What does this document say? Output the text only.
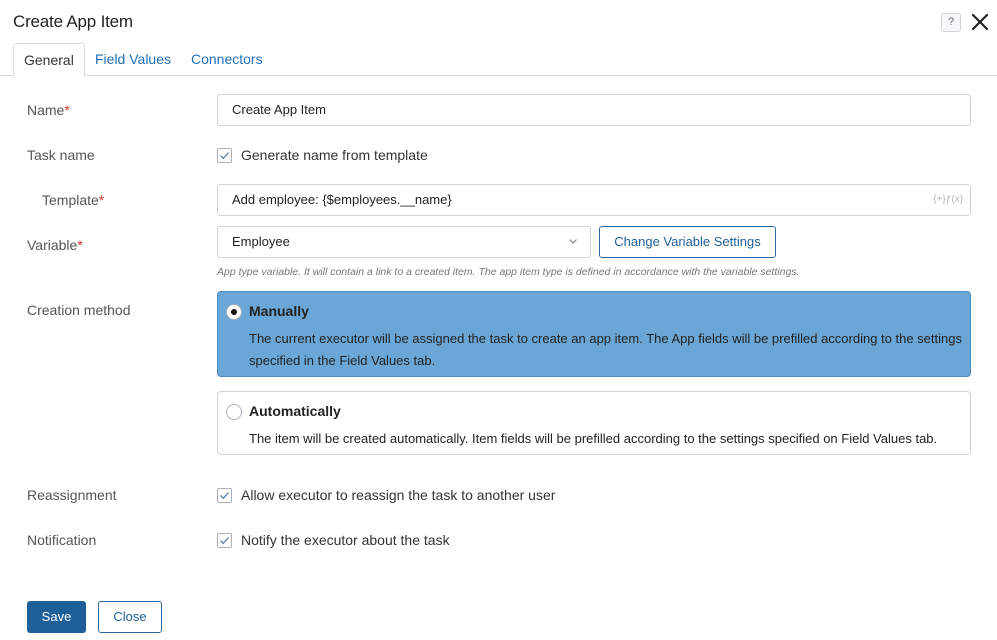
Create App Item	?
General	Field Values	Connectors
Name*	Create App Item
Task name	Generate name from template
Template*	Add employee: {$employees.__name}	{+}ƒ(x)
Variable*	Employee	Change Variable Settings
App type variable. It will contain a link to a created item. The app item type is defined in accordance with the variable settings.
Creation method	Manually
The current executor will be assigned the task to create an app item. The App fields will be prefilled according to the settings specified in the Field Values tab.
Automatically
The item will be created automatically. Item fields will be prefilled according to the settings specified on Field Values tab.
Reassignment	Allow executor to reassign the task to another user
Notification	Notify the executor about the task
Save	Close
